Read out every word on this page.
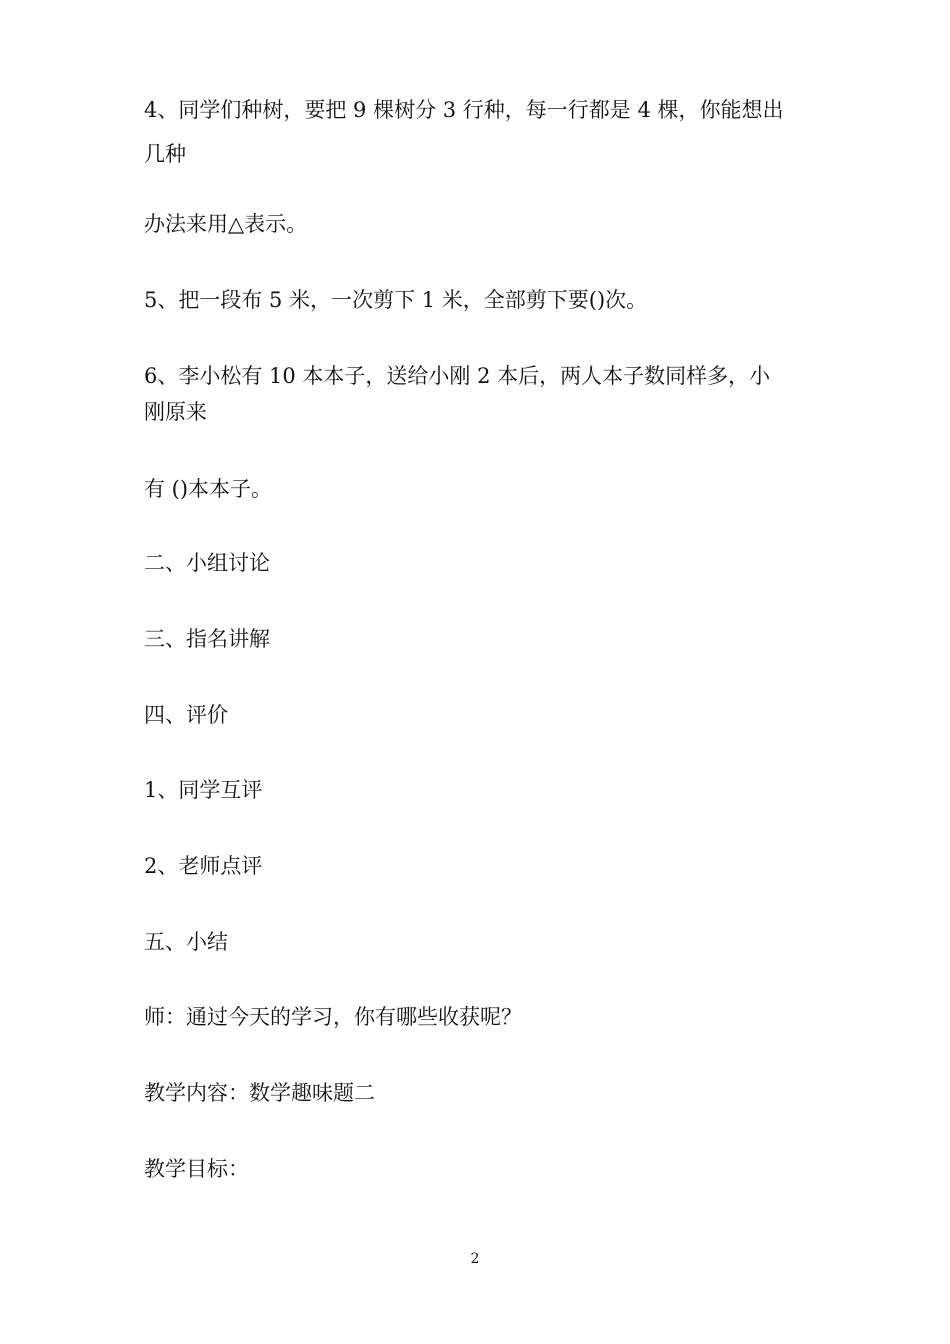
4、同学们种树，要把 9 棵树分 3 行种，每一行都是 4 棵，你能想出
几种
办法来用△表示。
5、把一段布 5 米，一次剪下 1 米，全部剪下要()次。
6、李小松有 10 本本子，送给小刚 2 本后，两人本子数同样多，小
刚原来
有 ()本本子。
二、小组讨论
三、指名讲解
四、评价
1、同学互评
2、老师点评
五、小结
师：通过今天的学习，你有哪些收获呢？
教学内容：数学趣味题二
教学目标：
2
